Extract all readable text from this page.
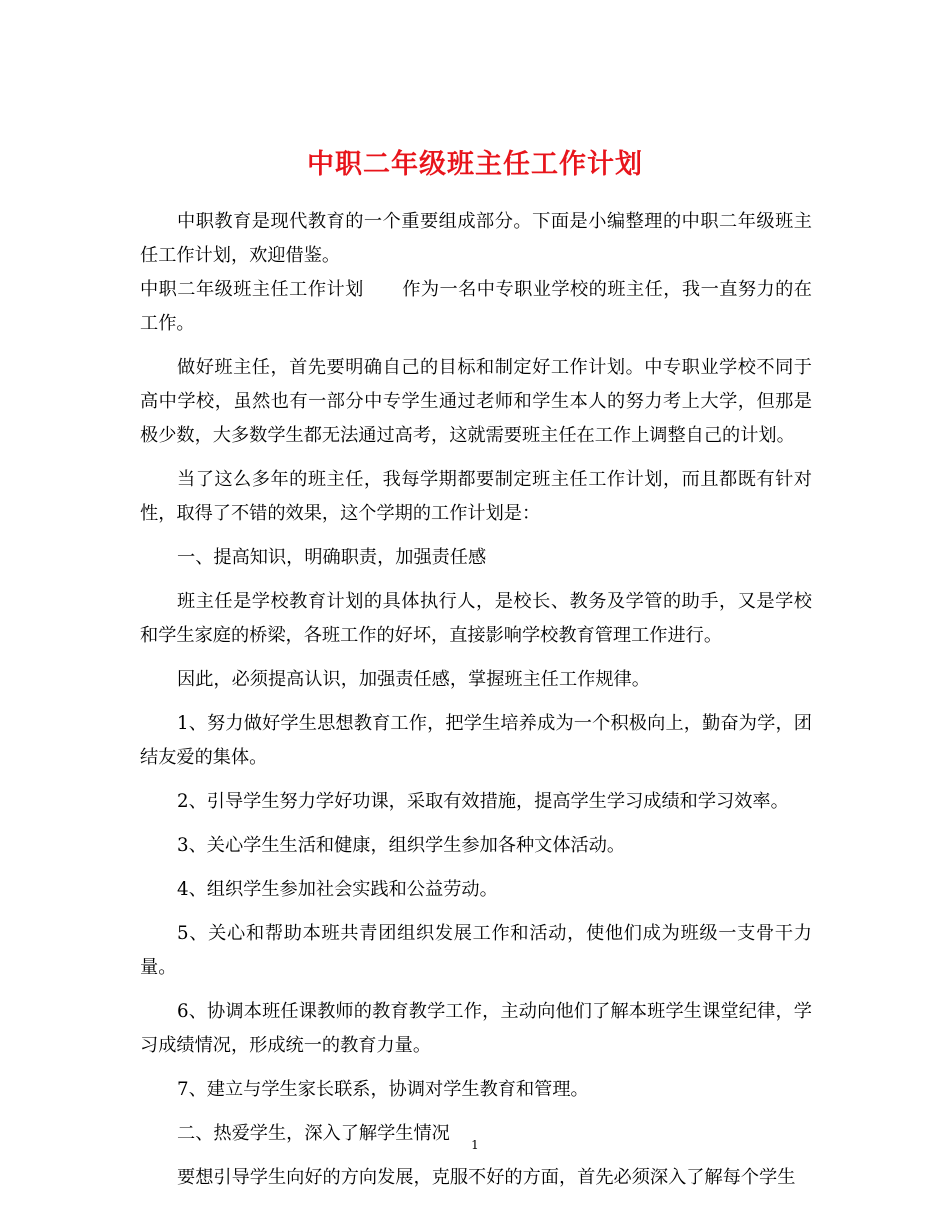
中职二年级班主任工作计划

中职教育是现代教育的一个重要组成部分。下面是小编整理的中职二年级班主任工作计划，欢迎借鉴。

中职二年级班主任工作计划 作为一名中专职业学校的班主任，我一直努力的在工作。

做好班主任，首先要明确自己的目标和制定好工作计划。中专职业学校不同于高中学校，虽然也有一部分中专学生通过老师和学生本人的努力考上大学，但那是极少数，大多数学生都无法通过高考，这就需要班主任在工作上调整自己的计划。

当了这么多年的班主任，我每学期都要制定班主任工作计划，而且都既有针对性，取得了不错的效果，这个学期的工作计划是：

一、提高知识，明确职责，加强责任感

班主任是学校教育计划的具体执行人，是校长、教务及学管的助手，又是学校和学生家庭的桥梁，各班工作的好坏，直接影响学校教育管理工作进行。

因此，必须提高认识，加强责任感，掌握班主任工作规律。

1、努力做好学生思想教育工作，把学生培养成为一个积极向上，勤奋为学，团结友爱的集体。

2、引导学生努力学好功课，采取有效措施，提高学生学习成绩和学习效率。

3、关心学生生活和健康，组织学生参加各种文体活动。

4、组织学生参加社会实践和公益劳动。

5、关心和帮助本班共青团组织发展工作和活动，使他们成为班级一支骨干力量。

6、协调本班任课教师的教育教学工作，主动向他们了解本班学生课堂纪律，学习成绩情况，形成统一的教育力量。

7、建立与学生家长联系，协调对学生教育和管理。

二、热爱学生，深入了解学生情况

要想引导学生向好的方向发展，克服不好的方面，首先必须深入了解每个学生

1
